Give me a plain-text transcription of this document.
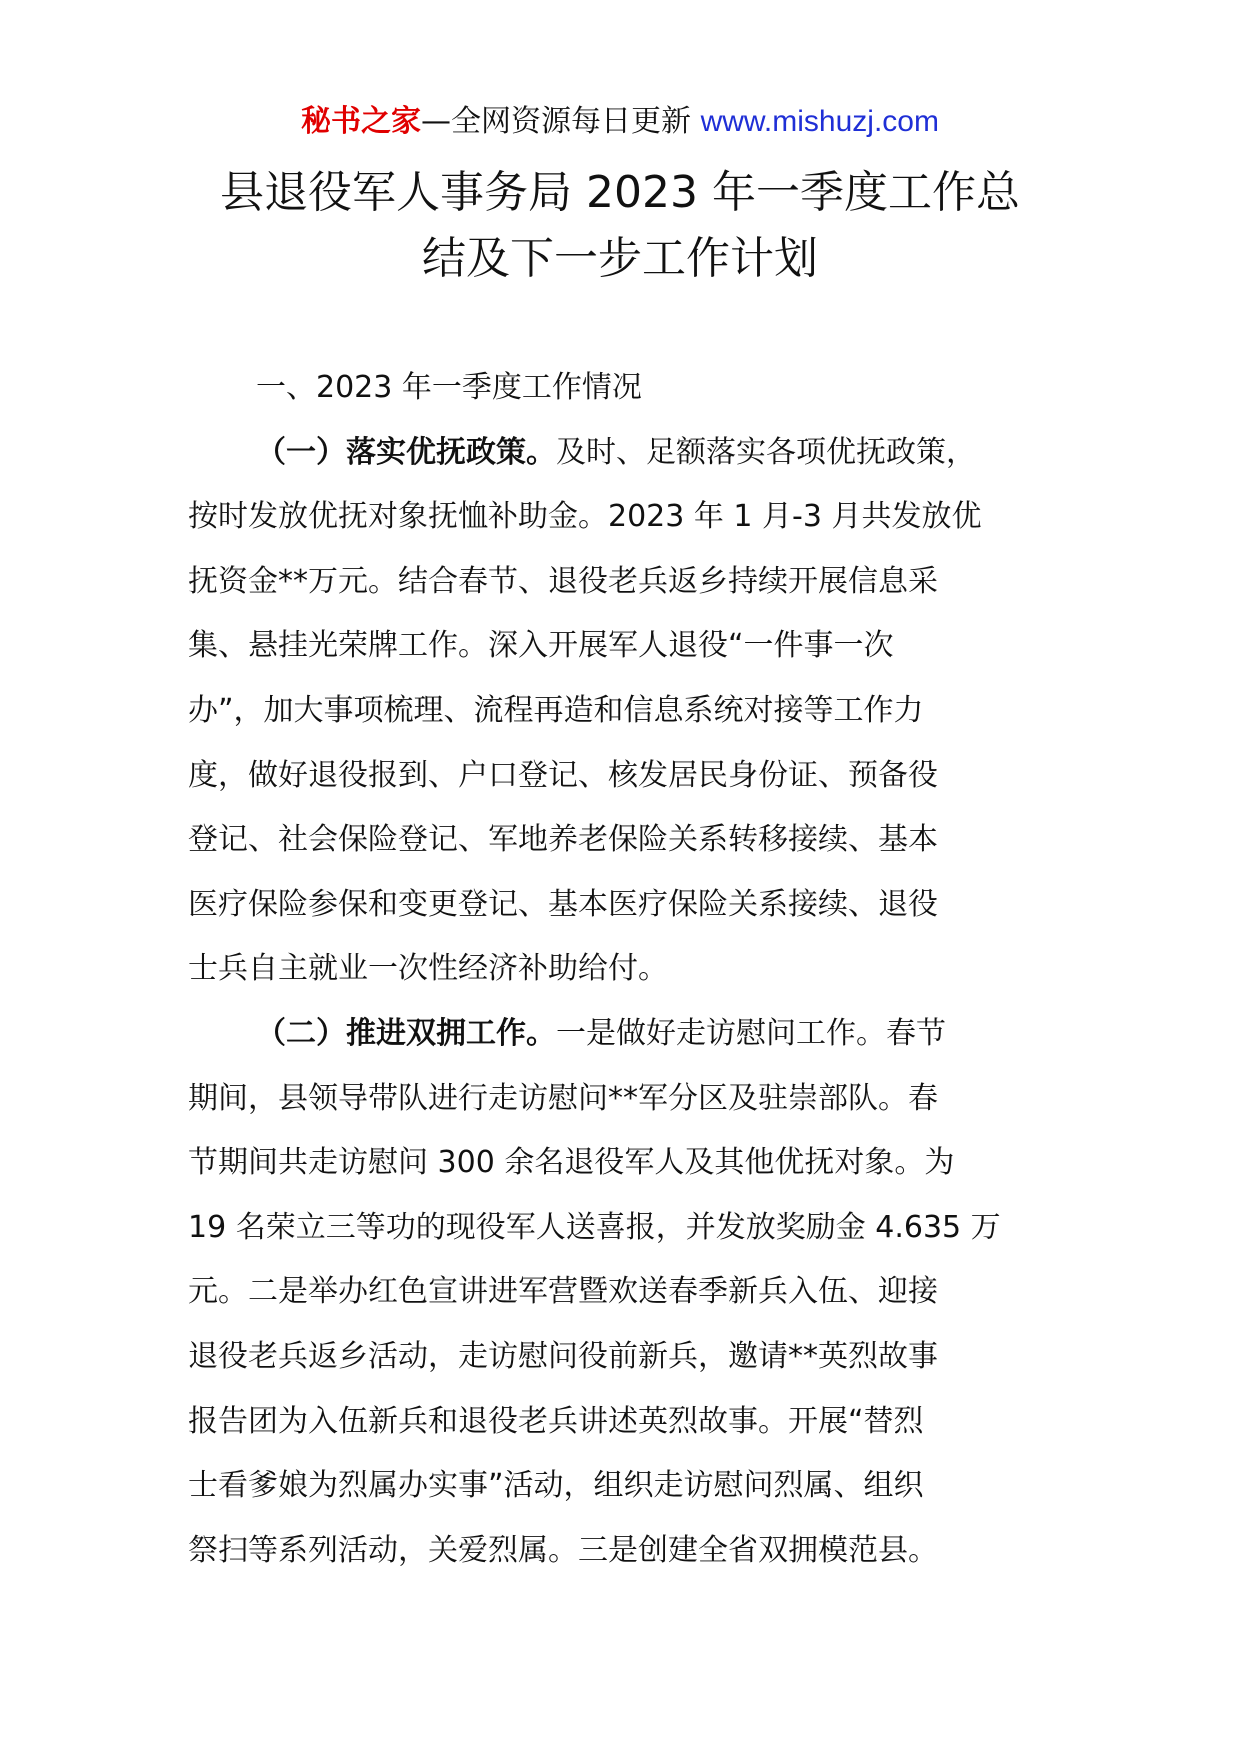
秘书之家—全网资源每日更新 www.mishuzj.com
县退役军人事务局 2023 年一季度工作总
结及下一步工作计划
一、2023 年一季度工作情况
（一）落实优抚政策。及时、足额落实各项优抚政策，
按时发放优抚对象抚恤补助金。2023 年 1 月-3 月共发放优
抚资金**万元。结合春节、退役老兵返乡持续开展信息采
集、悬挂光荣牌工作。深入开展军人退役“一件事一次
办”，加大事项梳理、流程再造和信息系统对接等工作力
度，做好退役报到、户口登记、核发居民身份证、预备役
登记、社会保险登记、军地养老保险关系转移接续、基本
医疗保险参保和变更登记、基本医疗保险关系接续、退役
士兵自主就业一次性经济补助给付。
（二）推进双拥工作。一是做好走访慰问工作。春节
期间，县领导带队进行走访慰问**军分区及驻崇部队。春
节期间共走访慰问 300 余名退役军人及其他优抚对象。为
19 名荣立三等功的现役军人送喜报，并发放奖励金 4.635 万
元。二是举办红色宣讲进军营暨欢送春季新兵入伍、迎接
退役老兵返乡活动，走访慰问役前新兵，邀请**英烈故事
报告团为入伍新兵和退役老兵讲述英烈故事。开展“替烈
士看爹娘为烈属办实事”活动，组织走访慰问烈属、组织
祭扫等系列活动，关爱烈属。三是创建全省双拥模范县。
